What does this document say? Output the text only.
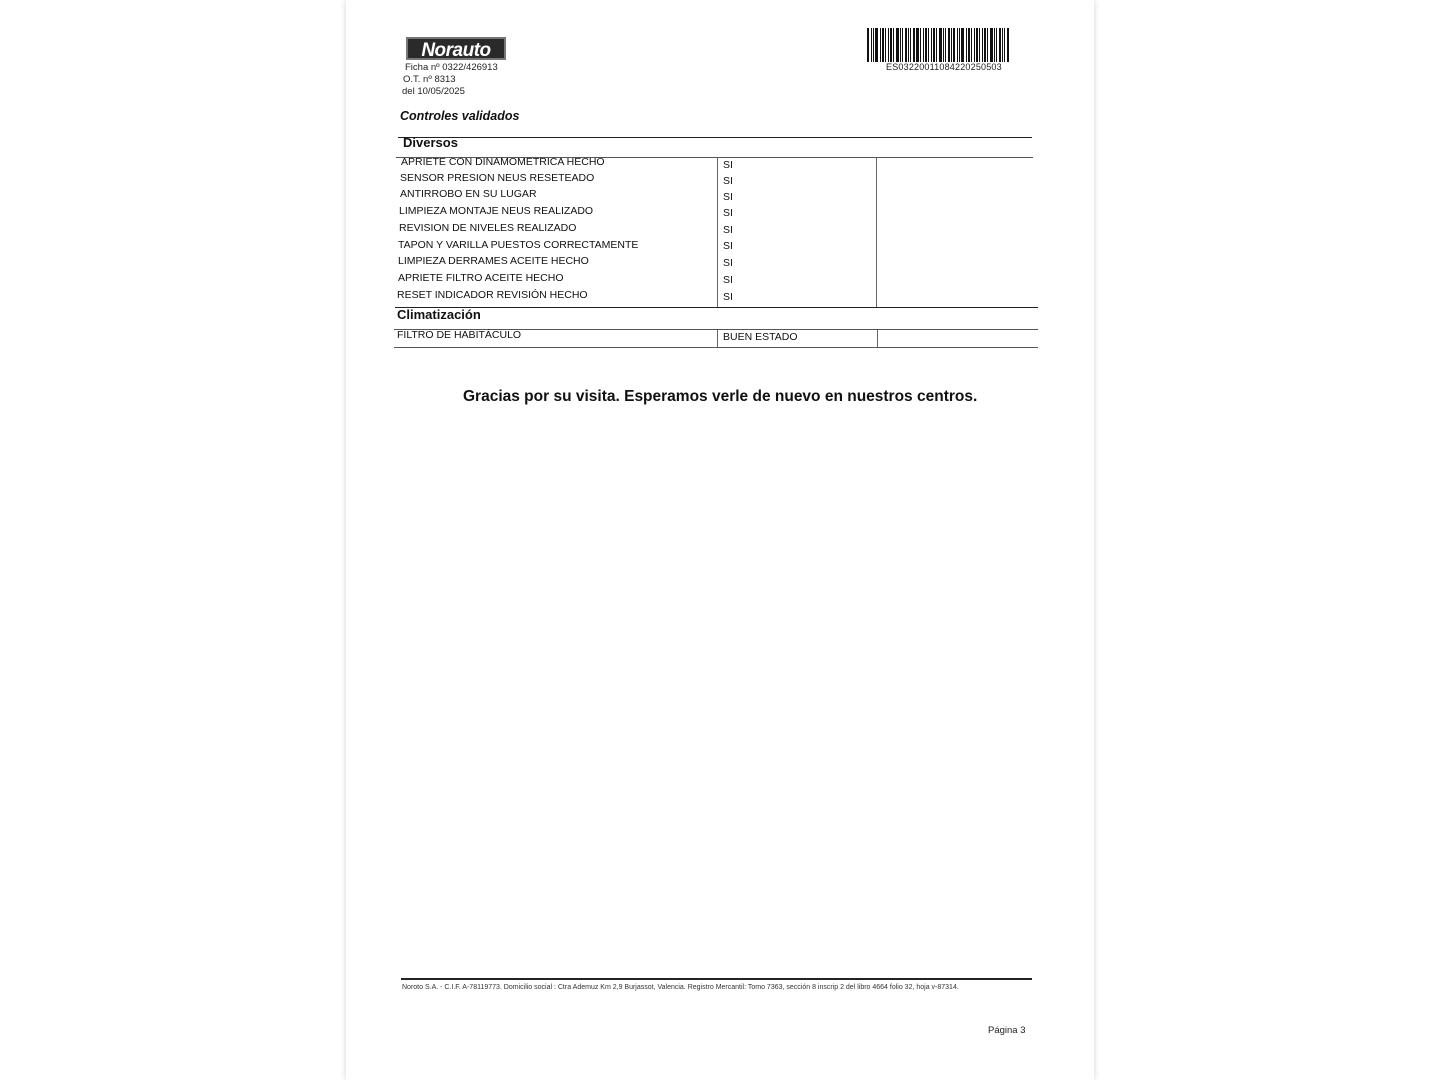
Norauto
Ficha nº 0322/426913
O.T. nº 8313
del 10/05/2025
ES03220011084220250503
Controles validados
Diversos
APRIETE CON DINAMOMETRICA HECHO	SI
SENSOR PRESION NEUS RESETEADO	SI
ANTIRROBO EN SU LUGAR	SI
LIMPIEZA MONTAJE NEUS REALIZADO	SI
REVISION DE NIVELES REALIZADO	SI
TAPON Y VARILLA PUESTOS CORRECTAMENTE	SI
LIMPIEZA DERRAMES ACEITE HECHO	SI
APRIETE FILTRO ACEITE HECHO	SI
RESET INDICADOR REVISIÓN HECHO	SI
Climatización
FILTRO DE HABITÁCULO	BUEN ESTADO
Gracias por su visita. Esperamos verle de nuevo en nuestros centros.
Noroto S.A. - C.I.F. A-78119773. Domicilio social : Ctra Ademuz Km 2,9 Burjassot, Valencia. Registro Mercantil: Tomo 7363, sección 8 inscrip 2 del libro 4664 folio 32, hoja v-87314.
Página 3
